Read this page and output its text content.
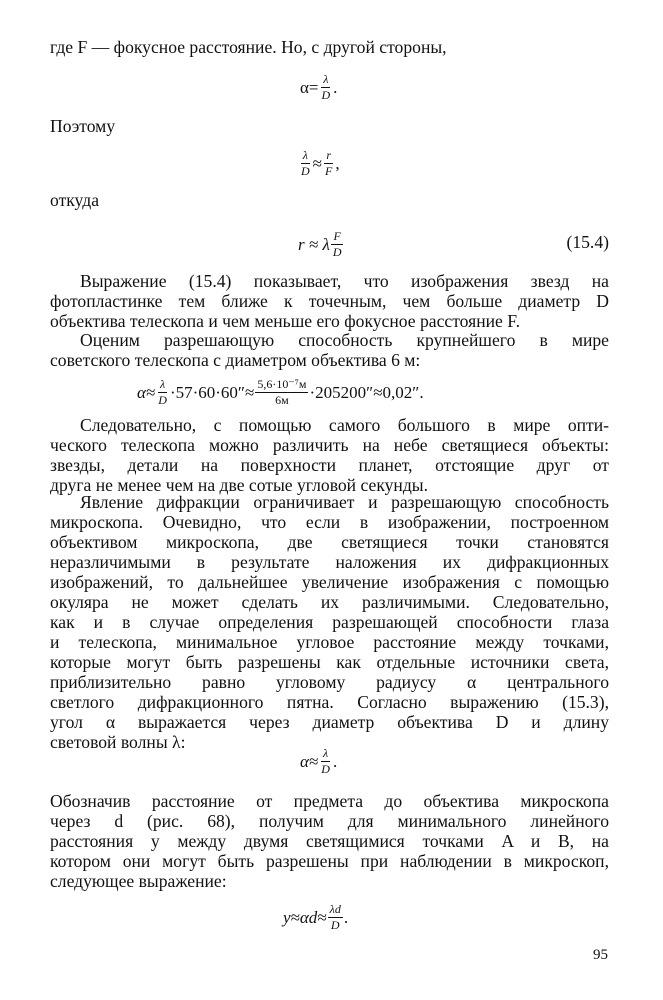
где F — фокусное расстояние. Но, с другой стороны,
$\alpha= \frac{\lambda}{D}$ .
Поэтому
$\frac{\lambda}{D} \approx \frac{r}{F}$ ,
откуда
r ≈ λ $\frac{F}{D}$	(15.4)
Выражение (15.4) показывает, что изображения звезд на
фотопластинке тем ближе к точечным, чем больше диаметр D
объектива телескопа и чем меньше его фокусное расстояние F.
Оценим разрешающую способность крупнейшего в мире
советского телескопа с диаметром объектива 6 м:
$\alpha\approx \frac{\lambda}{D} \cdot 57\cdot 60\cdot 60''\approx \frac{\text{5,6·10⁻⁷м}}{6м} \cdot 205200''\approx 0,02''$.
Следовательно, с помощью самого большого в мире опти-
ческого телескопа можно различить на небе светящиеся объекты:
звезды, детали на поверхности планет, отстоящие друг от
друга не менее чем на две сотые угловой секунды.
Явление дифракции ограничивает и разрешающую способность
микроскопа. Очевидно, что если в изображении, построенном
объективом микроскопа, две светящиеся точки становятся
неразличимыми в результате наложения их дифракционных
изображений, то дальнейшее увеличение изображения с помощью
окуляра не может сделать их различимыми. Следовательно,
как и в случае определения разрешающей способности глаза
и телескопа, минимальное угловое расстояние между точками,
которые могут быть разрешены как отдельные источники света,
приблизительно равно угловому радиусу α центрального
светлого дифракционного пятна. Согласно выражению (15.3),
угол α выражается через диаметр объектива D и длину
световой волны λ:
$\alpha\approx \frac{\lambda}{D}$ .
Обозначив расстояние от предмета до объектива микроскопа
через d (рис. 68), получим для минимального линейного
расстояния y между двумя светящимися точками A и B, на
котором они могут быть разрешены при наблюдении в микроскоп,
следующее выражение:
$y\approx\alpha d\approx \frac{\lambda d}{D}$ .
95
